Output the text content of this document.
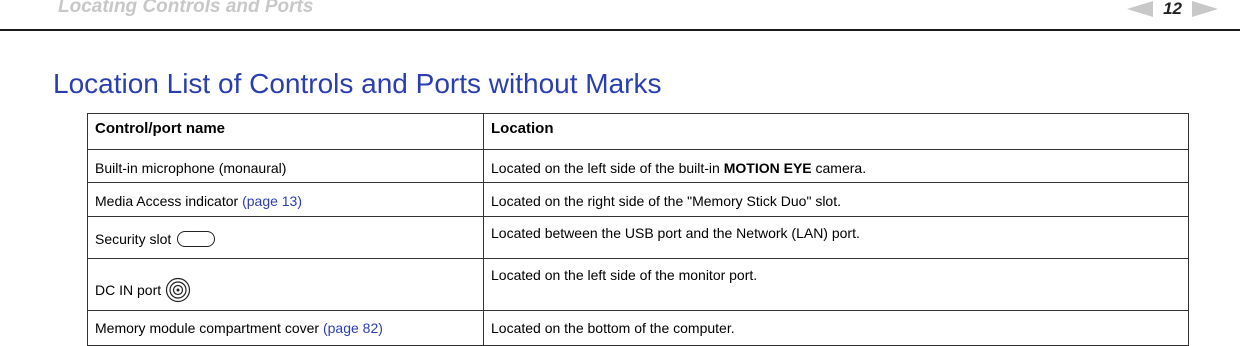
Locating Controls and Ports	12
Location List of Controls and Ports without Marks
Control/port name	Location
Built-in microphone (monaural)	Located on the left side of the built-in MOTION EYE camera.
Media Access indicator (page 13)	Located on the right side of the "Memory Stick Duo" slot.
Security slot	Located between the USB port and the Network (LAN) port.
DC IN port	Located on the left side of the monitor port.
Memory module compartment cover (page 82)	Located on the bottom of the computer.
